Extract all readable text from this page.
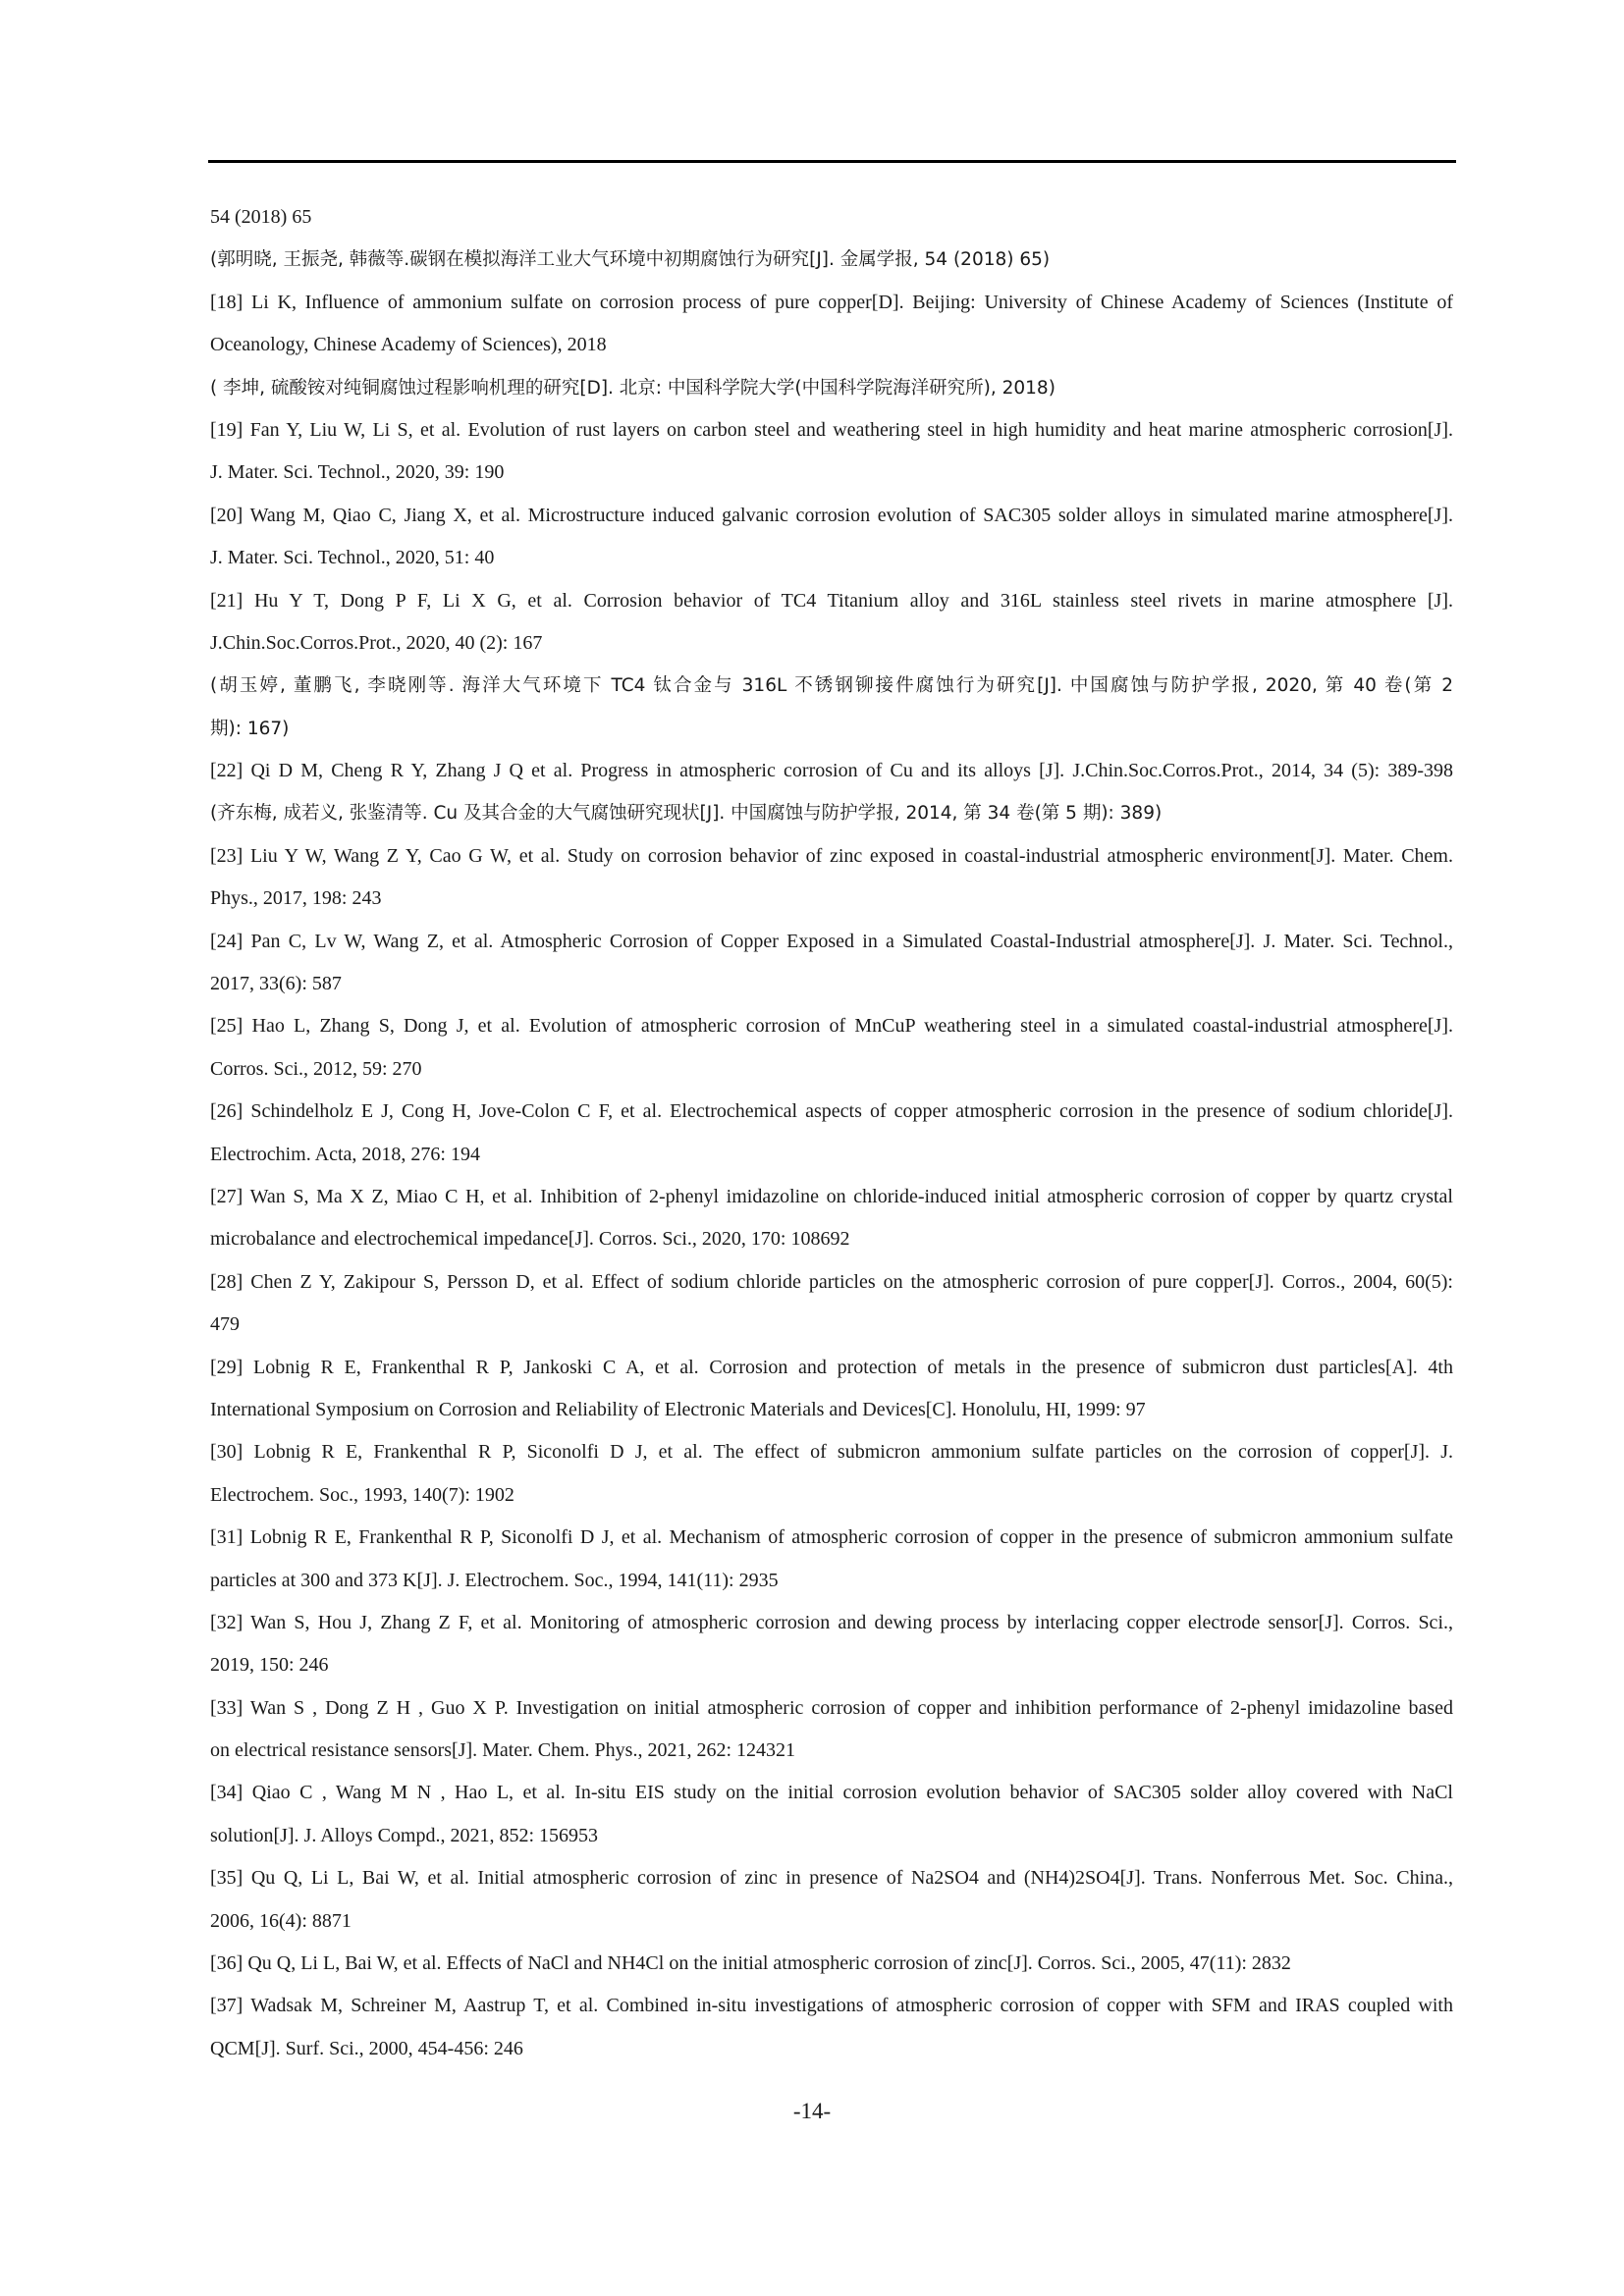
54 (2018) 65
(郭明晓, 王振尧, 韩薇等.碳钢在模拟海洋工业大气环境中初期腐蚀行为研究[J]. 金属学报, 54 (2018) 65)
[18] Li K, Influence of ammonium sulfate on corrosion process of pure copper[D]. Beijing: University of Chinese Academy of Sciences (Institute of
Oceanology, Chinese Academy of Sciences), 2018
( 李坤, 硫酸铵对纯铜腐蚀过程影响机理的研究[D]. 北京: 中国科学院大学(中国科学院海洋研究所), 2018)
[19] Fan Y, Liu W, Li S, et al. Evolution of rust layers on carbon steel and weathering steel in high humidity and heat marine atmospheric corrosion[J].
J. Mater. Sci. Technol., 2020, 39: 190
[20] Wang M, Qiao C, Jiang X, et al. Microstructure induced galvanic corrosion evolution of SAC305 solder alloys in simulated marine atmosphere[J].
J. Mater. Sci. Technol., 2020, 51: 40
[21] Hu Y T, Dong P F, Li X G, et al. Corrosion behavior of TC4 Titanium alloy and 316L stainless steel rivets in marine atmosphere [J].
J.Chin.Soc.Corros.Prot., 2020, 40 (2): 167
(胡玉婷, 董鹏飞, 李晓刚等. 海洋大气环境下 TC4 钛合金与 316L 不锈钢铆接件腐蚀行为研究[J]. 中国腐蚀与防护学报, 2020, 第 40 卷(第 2
期): 167)
[22] Qi D M, Cheng R Y, Zhang J Q et al. Progress in atmospheric corrosion of Cu and its alloys [J]. J.Chin.Soc.Corros.Prot., 2014, 34 (5): 389-398
(齐东梅, 成若义, 张鉴清等. Cu 及其合金的大气腐蚀研究现状[J]. 中国腐蚀与防护学报, 2014, 第 34 卷(第 5 期): 389)
[23] Liu Y W, Wang Z Y, Cao G W, et al. Study on corrosion behavior of zinc exposed in coastal-industrial atmospheric environment[J]. Mater. Chem.
Phys., 2017, 198: 243
[24] Pan C, Lv W, Wang Z, et al. Atmospheric Corrosion of Copper Exposed in a Simulated Coastal-Industrial atmosphere[J]. J. Mater. Sci. Technol.,
2017, 33(6): 587
[25] Hao L, Zhang S, Dong J, et al. Evolution of atmospheric corrosion of MnCuP weathering steel in a simulated coastal-industrial atmosphere[J].
Corros. Sci., 2012, 59: 270
[26] Schindelholz E J, Cong H, Jove-Colon C F, et al. Electrochemical aspects of copper atmospheric corrosion in the presence of sodium chloride[J].
Electrochim. Acta, 2018, 276: 194
[27] Wan S, Ma X Z, Miao C H, et al. Inhibition of 2-phenyl imidazoline on chloride-induced initial atmospheric corrosion of copper by quartz crystal
microbalance and electrochemical impedance[J]. Corros. Sci., 2020, 170: 108692
[28] Chen Z Y, Zakipour S, Persson D, et al. Effect of sodium chloride particles on the atmospheric corrosion of pure copper[J]. Corros., 2004, 60(5):
479
[29] Lobnig R E, Frankenthal R P, Jankoski C A, et al. Corrosion and protection of metals in the presence of submicron dust particles[A]. 4th
International Symposium on Corrosion and Reliability of Electronic Materials and Devices[C]. Honolulu, HI, 1999: 97
[30] Lobnig R E, Frankenthal R P, Siconolfi D J, et al. The effect of submicron ammonium sulfate particles on the corrosion of copper[J]. J.
Electrochem. Soc., 1993, 140(7): 1902
[31] Lobnig R E, Frankenthal R P, Siconolfi D J, et al. Mechanism of atmospheric corrosion of copper in the presence of submicron ammonium sulfate
particles at 300 and 373 K[J]. J. Electrochem. Soc., 1994, 141(11): 2935
[32] Wan S, Hou J, Zhang Z F, et al. Monitoring of atmospheric corrosion and dewing process by interlacing copper electrode sensor[J]. Corros. Sci.,
2019, 150: 246
[33] Wan S , Dong Z H , Guo X P. Investigation on initial atmospheric corrosion of copper and inhibition performance of 2-phenyl imidazoline based
on electrical resistance sensors[J]. Mater. Chem. Phys., 2021, 262: 124321
[34] Qiao C , Wang M N , Hao L, et al. In-situ EIS study on the initial corrosion evolution behavior of SAC305 solder alloy covered with NaCl
solution[J]. J. Alloys Compd., 2021, 852: 156953
[35] Qu Q, Li L, Bai W, et al. Initial atmospheric corrosion of zinc in presence of Na2SO4 and (NH4)2SO4[J]. Trans. Nonferrous Met. Soc. China.,
2006, 16(4): 8871
[36] Qu Q, Li L, Bai W, et al. Effects of NaCl and NH4Cl on the initial atmospheric corrosion of zinc[J]. Corros. Sci., 2005, 47(11): 2832
[37] Wadsak M, Schreiner M, Aastrup T, et al. Combined in-situ investigations of atmospheric corrosion of copper with SFM and IRAS coupled with
QCM[J]. Surf. Sci., 2000, 454-456: 246
-14-
